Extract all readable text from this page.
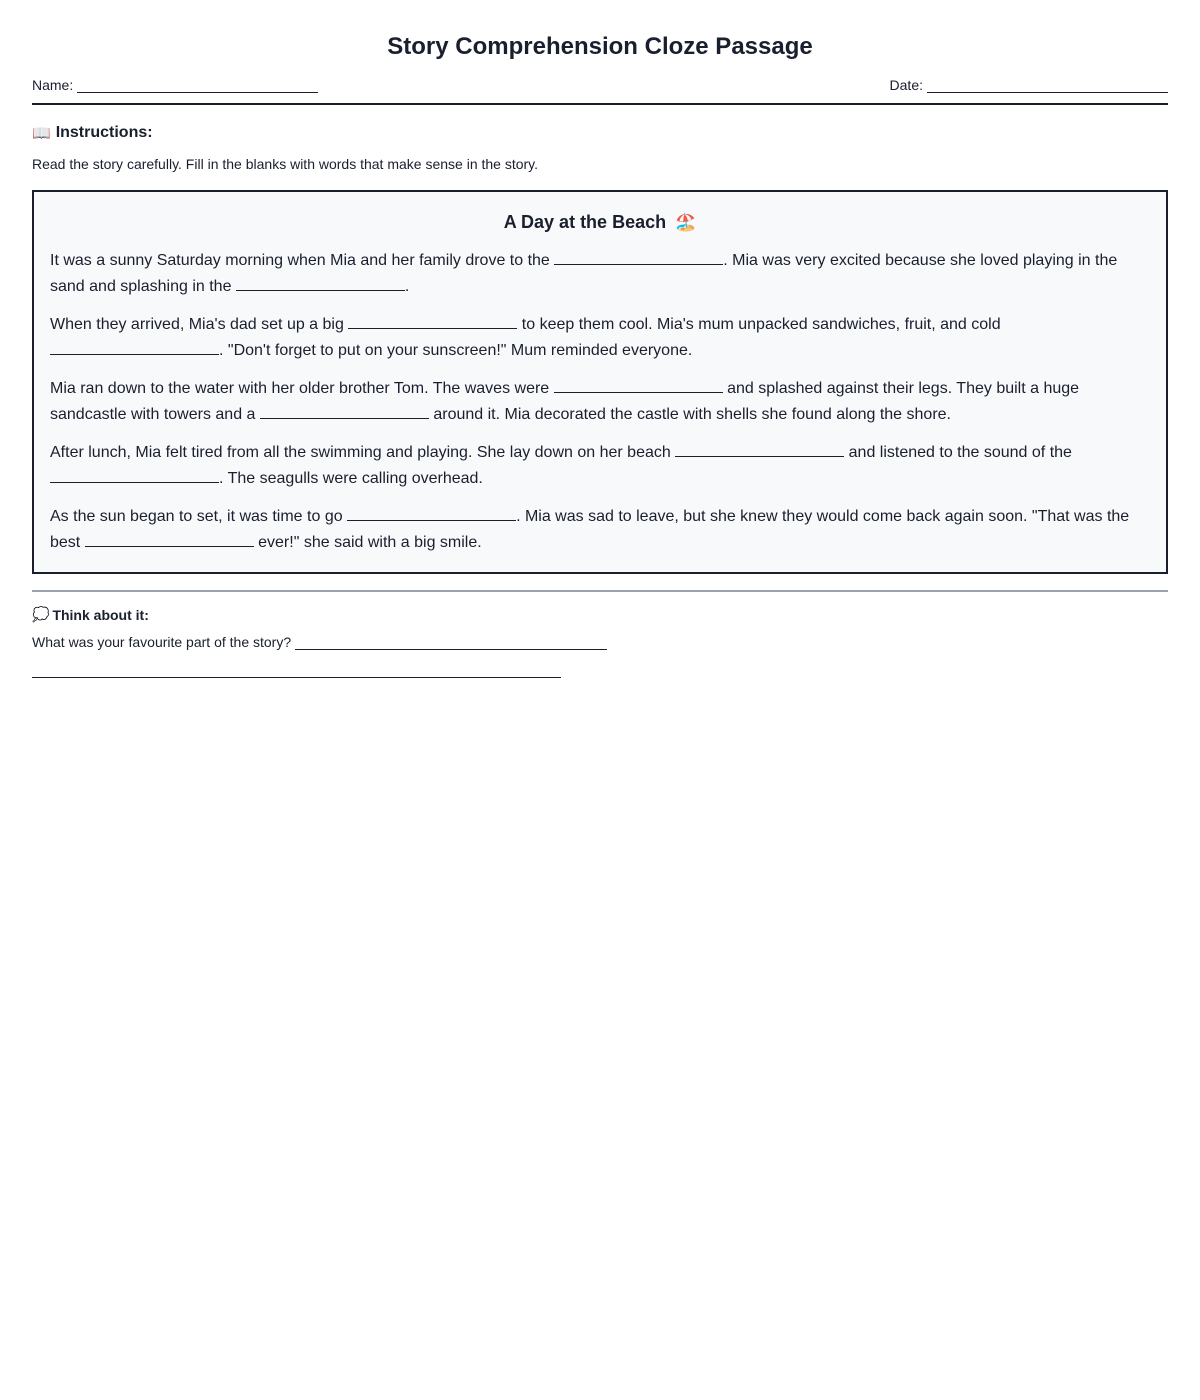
Story Comprehension Cloze Passage
Name:	Date:
📖 Instructions:
Read the story carefully. Fill in the blanks with words that make sense in the story.
A Day at the Beach 🏖️

It was a sunny Saturday morning when Mia and her family drove to the	. Mia was very excited because she loved playing in the sand and splashing in the	.

When they arrived, Mia's dad set up a big	to keep them cool. Mia's mum unpacked sandwiches, fruit, and cold . "Don't forget to put on your sunscreen!" Mum reminded everyone.

Mia ran down to the water with her older brother Tom. The waves were	and splashed against their legs. They built a huge sandcastle with towers and a	around it. Mia decorated the castle with shells she found along the shore.

After lunch, Mia felt tired from all the swimming and playing. She lay down on her beach	and listened to the sound of the . The seagulls were calling overhead.

As the sun began to set, it was time to go	. Mia was sad to leave, but she knew they would come back again soon. "That was the best	ever!" she said with a big smile.

💭 Think about it:
What was your favourite part of the story?
